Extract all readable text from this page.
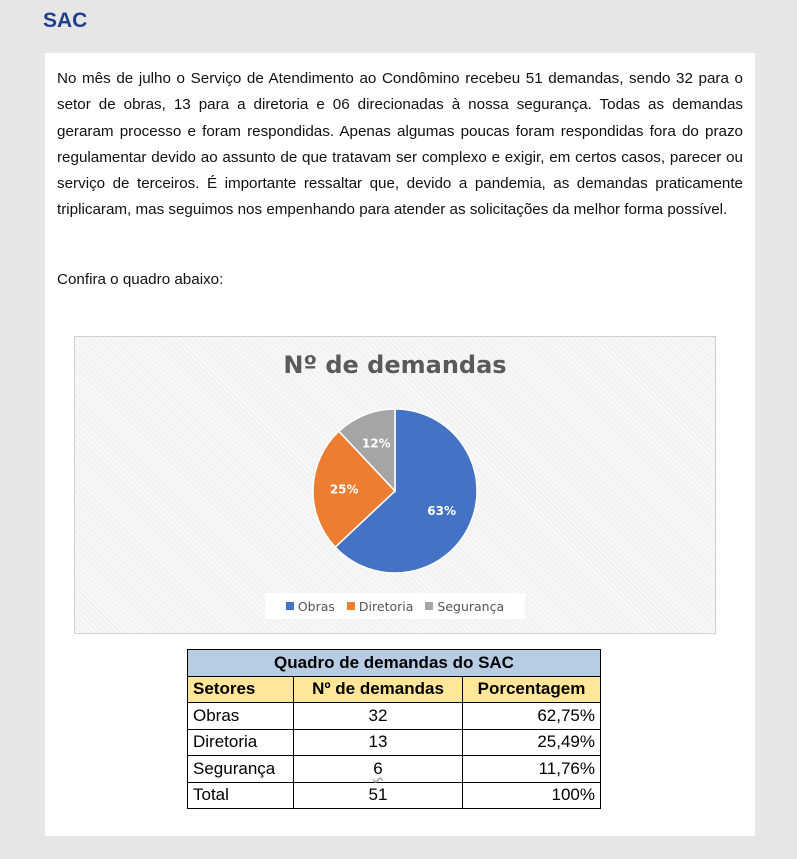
SAC

No mês de julho o Serviço de Atendimento ao Condômino recebeu 51 demandas, sendo 32 para o setor de obras, 13 para a diretoria e 06 direcionadas à nossa segurança. Todas as demandas geraram processo e foram respondidas. Apenas algumas poucas foram respondidas fora do prazo regulamentar devido ao assunto de que tratavam ser complexo e exigir, em certos casos, parecer ou serviço de terceiros. É importante ressaltar que, devido a pandemia, as demandas praticamente triplicaram, mas seguimos nos empenhando para atender as solicitações da melhor forma possível.

Confira o quadro abaixo:

Nº de demandas
63%
25%
12%
Obras Diretoria Segurança
Quadro de demandas do SAC		
Setores	Nº de demandas	Porcentagem
Obras	32	62,75%
Diretoria	13	25,49%
Segurança	6	11,76%
Total	51	100%
